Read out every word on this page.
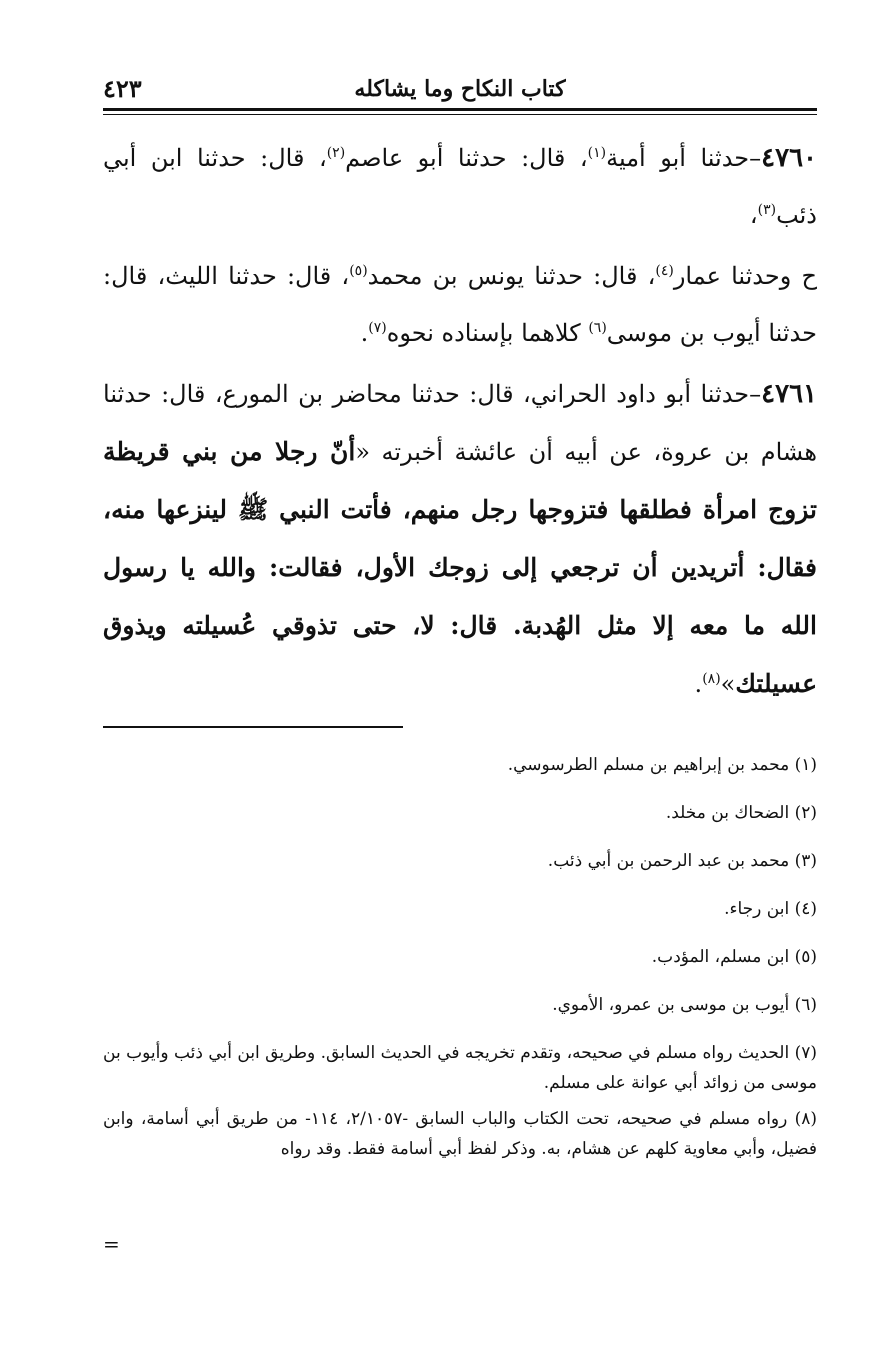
كتاب النكاح وما يشاكله
٤٢٣

٤٧٦٠–حدثنا أبو أمية$^{(١)}$، قال: حدثنا أبو عاصم$^{(٢)}$، قال: حدثنا ابن أبي ذئب$^{(٣)}$،

ح وحدثنا عمار$^{(٤)}$، قال: حدثنا يونس بن محمد$^{(٥)}$، قال: حدثنا الليث، قال: حدثنا أيوب بن موسى$^{(٦)}$ كلاهما بإسناده نحوه$^{(٧)}$.

٤٧٦١–حدثنا أبو داود الحراني، قال: حدثنا محاضر بن المورع، قال: حدثنا هشام بن عروة، عن أبيه أن عائشة أخبرته «أنّ رجلا من بني قريظة تزوج امرأة فطلقها فتزوجها رجل منهم، فأتت النبي ﷺ لينزعها منه، فقال: أتريدين أن ترجعي إلى زوجك الأول، فقالت: والله يا رسول الله ما معه إلا مثل الهُدبة. قال: لا، حتى تذوقي عُسيلته ويذوق عسيلتك»$^{(٨)}$.

(١) محمد بن إبراهيم بن مسلم الطرسوسي.

(٢) الضحاك بن مخلد.

(٣) محمد بن عبد الرحمن بن أبي ذئب.

(٤) ابن رجاء.

(٥) ابن مسلم، المؤدب.

(٦) أيوب بن موسى بن عمرو، الأموي.

(٧) الحديث رواه مسلم في صحيحه، وتقدم تخريجه في الحديث السابق. وطريق ابن أبي ذئب وأيوب بن موسى من زوائد أبي عوانة على مسلم.

(٨) رواه مسلم في صحيحه، تحت الكتاب والباب السابق -٢/١٠٥٧، ١١٤- من طريق أبي أسامة، وابن فضيل، وأبي معاوية كلهم عن هشام، به. وذكر لفظ أبي أسامة فقط. وقد رواه

=
